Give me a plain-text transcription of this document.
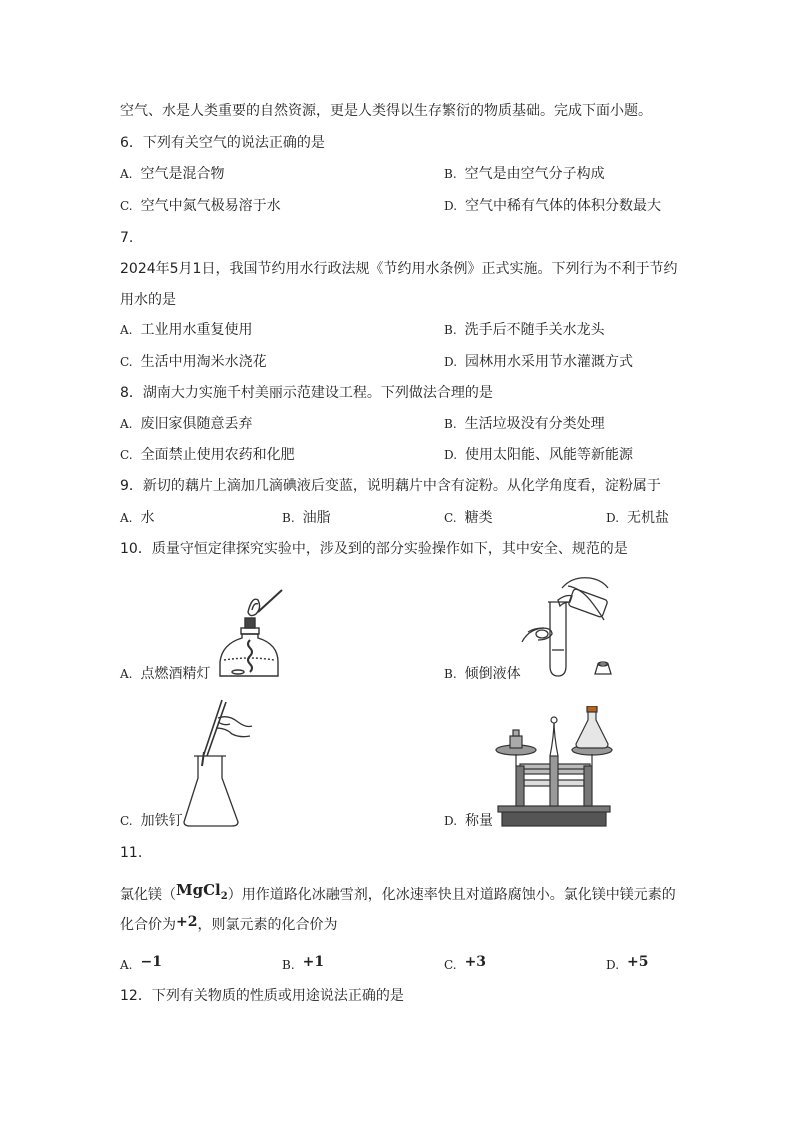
空气、水是人类重要的自然资源，更是人类得以生存繁衍的物质基础。完成下面小题。
6．下列有关空气的说法正确的是
A. 空气是混合物	B. 空气是由空气分子构成
C. 空气中氮气极易溶于水	D. 空气中稀有气体的体积分数最大
7.
2024年5月1日，我国节约用水行政法规《节约用水条例》正式实施。下列行为不利于节约
用水的是
A. 工业用水重复使用	B. 洗手后不随手关水龙头
C. 生活中用淘米水浇花	D. 园林用水采用节水灌溉方式
8．湖南大力实施千村美丽示范建设工程。下列做法合理的是
A. 废旧家俱随意丢弃	B. 生活垃圾没有分类处理
C. 全面禁止使用农药和化肥	D. 使用太阳能、风能等新能源
9．新切的藕片上滴加几滴碘液后变蓝，说明藕片中含有淀粉。从化学角度看，淀粉属于
A. 水	B. 油脂	C. 糖类	D. 无机盐
10．质量守恒定律探究实验中，涉及到的部分实验操作如下，其中安全、规范的是
A. 点燃酒精灯	B. 倾倒液体
C. 加铁钉	D. 称量
11.
氯化镁（MgCl$_2$）用作道路化冰融雪剂，化冰速率快且对道路腐蚀小。氯化镁中镁元素的
化合价为+2，则氯元素的化合价为
A. −1	B. +1	C. +3	D. +5
12．下列有关物质的性质或用途说法正确的是
